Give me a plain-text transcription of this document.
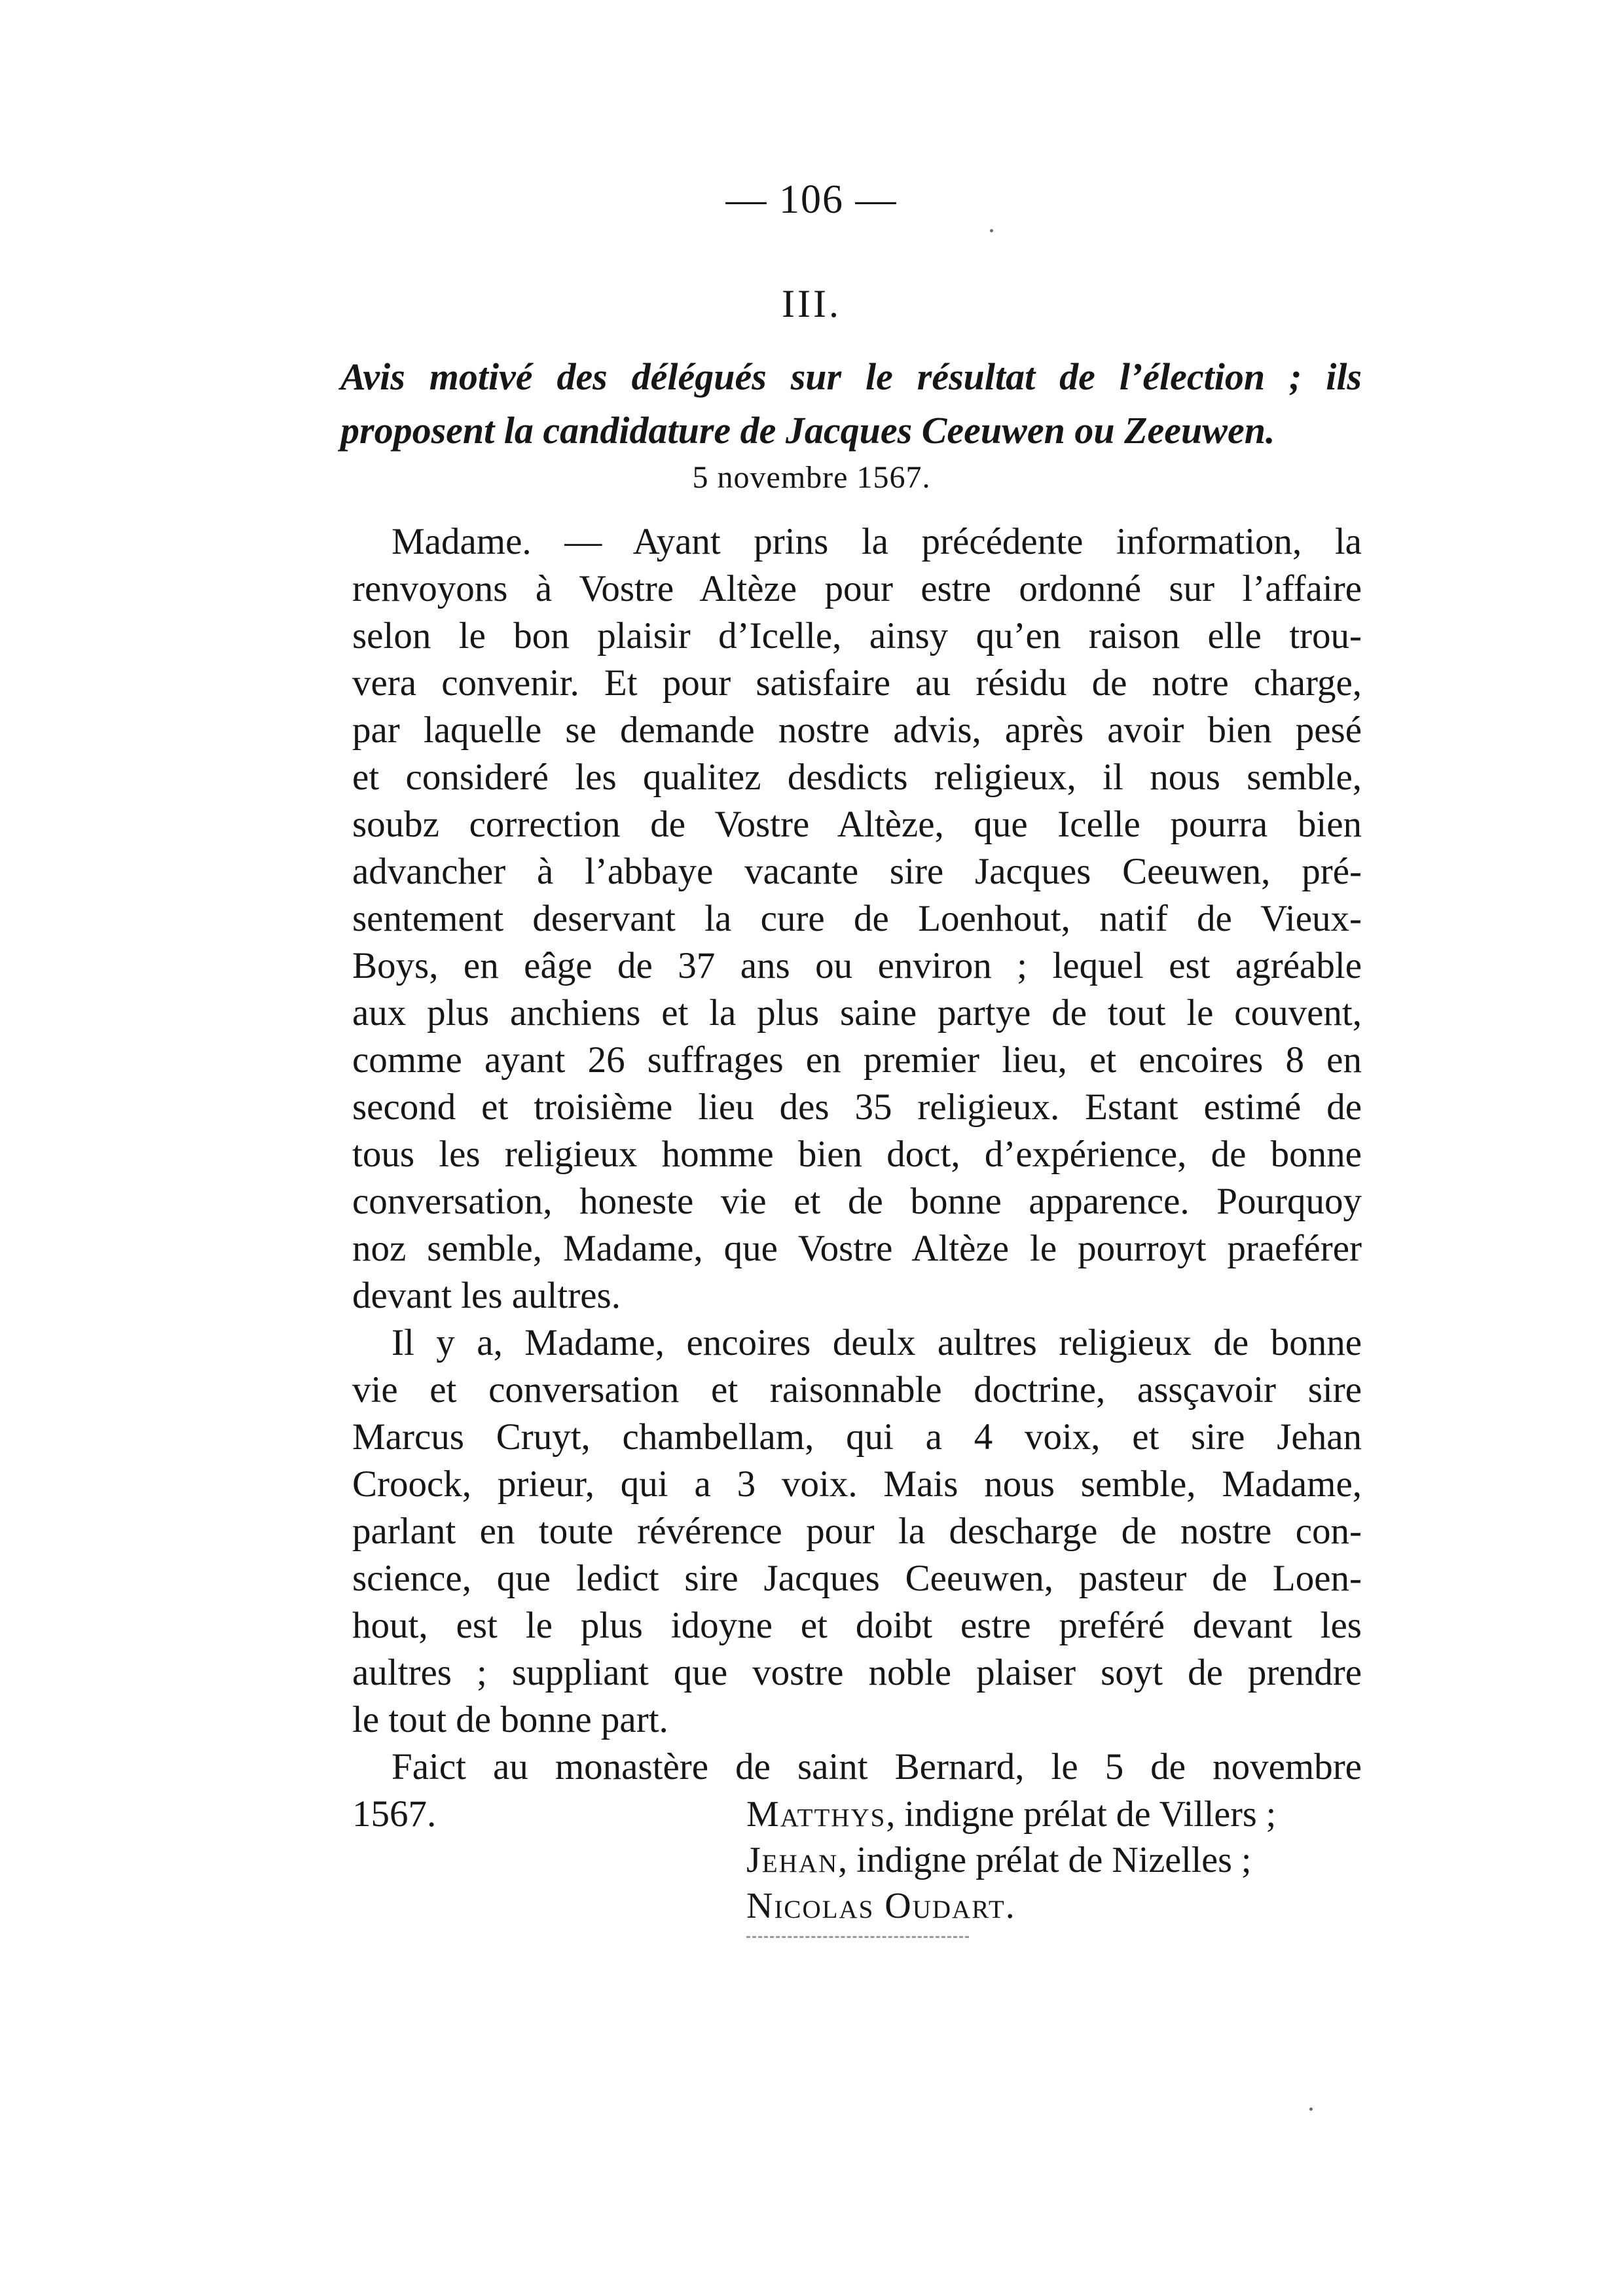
— 106 —
III.
Avis motivé des délégués sur le résultat de l’élection ; ils
proposent la candidature de Jacques Ceeuwen ou Zeeuwen.
5 novembre 1567.
Madame. — Ayant prins la précédente information, la
renvoyons à Vostre Altèze pour estre ordonné sur l’affaire
selon le bon plaisir d’Icelle, ainsy qu’en raison elle trou-
vera convenir. Et pour satisfaire au résidu de notre charge,
par laquelle se demande nostre advis, après avoir bien pesé
et consideré les qualitez desdicts religieux, il nous semble,
soubz correction de Vostre Altèze, que Icelle pourra bien
advancher à l’abbaye vacante sire Jacques Ceeuwen, pré-
sentement deservant la cure de Loenhout, natif de Vieux-
Boys, en eâge de 37 ans ou environ ; lequel est agréable
aux plus anchiens et la plus saine partye de tout le couvent,
comme ayant 26 suffrages en premier lieu, et encoires 8 en
second et troisième lieu des 35 religieux. Estant estimé de
tous les religieux homme bien doct, d’expérience, de bonne
conversation, honeste vie et de bonne apparence. Pourquoy
noz semble, Madame, que Vostre Altèze le pourroyt praeférer
devant les aultres.
Il y a, Madame, encoires deulx aultres religieux de bonne
vie et conversation et raisonnable doctrine, assçavoir sire
Marcus Cruyt, chambellam, qui a 4 voix, et sire Jehan
Croock, prieur, qui a 3 voix. Mais nous semble, Madame,
parlant en toute révérence pour la descharge de nostre con-
science, que ledict sire Jacques Ceeuwen, pasteur de Loen-
hout, est le plus idoyne et doibt estre preféré devant les
aultres ; suppliant que vostre noble plaiser soyt de prendre
le tout de bonne part.
Faict au monastère de saint Bernard, le 5 de novembre
1567.	Matthys, indigne prélat de Villers ;
Jehan, indigne prélat de Nizelles ;
Nicolas Oudart.
